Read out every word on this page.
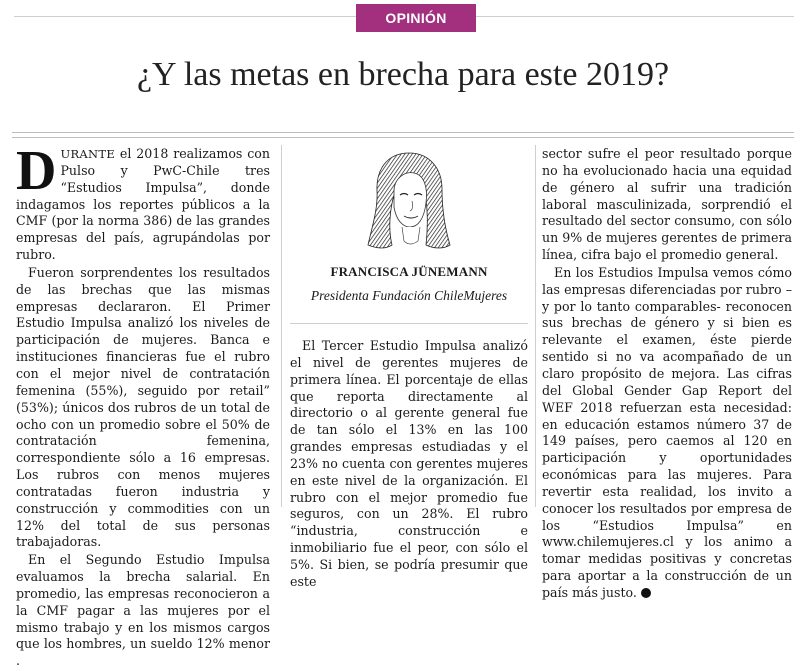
OPINIÓN
¿Y las metas en brecha para este 2019?

DURANTE el 2018 realizamos con Pulso y PwC-Chile tres “Estudios Impulsa”, donde indagamos los reportes públicos a la CMF (por la norma 386) de las grandes empresas del país, agrupándolas por rubro.

Fueron sorprendentes los resultados de las brechas que las mismas empresas declararon. El Primer Estudio Impulsa analizó los niveles de participación de mujeres. Banca e instituciones financieras fue el rubro con el mejor nivel de contratación femenina (55%), seguido por retail” (53%); únicos dos rubros de un total de ocho con un promedio sobre el 50% de contratación femenina, correspondiente sólo a 16 empresas. Los rubros con menos mujeres contratadas fueron industria y construcción y commodities con un 12% del total de sus personas trabajadoras.

En el Segundo Estudio Impulsa evaluamos la brecha salarial. En promedio, las empresas reconocieron a la CMF pagar a las mujeres por el mismo trabajo y en los mismos cargos que los hombres, un sueldo 12% menor .

FRANCISCA JÜNEMANN
Presidenta Fundación ChileMujeres

El Tercer Estudio Impulsa analizó el nivel de gerentes mujeres de primera línea. El porcentaje de ellas que reporta directamente al directorio o al gerente general fue de tan sólo el 13% en las 100 grandes empresas estudiadas y el 23% no cuenta con gerentes mujeres en este nivel de la organización. El rubro con el mejor promedio fue seguros, con un 28%. El rubro “industria, construcción e inmobiliario fue el peor, con sólo el 5%. Si bien, se podría presumir que este

sector sufre el peor resultado porque no ha evolucionado hacia una equidad de género al sufrir una tradición laboral masculinizada, sorprendió el resultado del sector consumo, con sólo un 9% de mujeres gerentes de primera línea, cifra bajo el promedio general.

En los Estudios Impulsa vemos cómo las empresas diferenciadas por rubro –y por lo tanto comparables- reconocen sus brechas de género y si bien es relevante el examen, éste pierde sentido si no va acompañado de un claro propósito de mejora. Las cifras del Global Gender Gap Report del WEF 2018 refuerzan esta necesidad: en educación estamos número 37 de 149 países, pero caemos al 120 en participación y oportunidades económicas para las mujeres. Para revertir esta realidad, los invito a conocer los resultados por empresa de los “Estudios Impulsa” en www.chilemujeres.cl y los animo a tomar medidas positivas y concretas para aportar a la construcción de un país más justo. P
